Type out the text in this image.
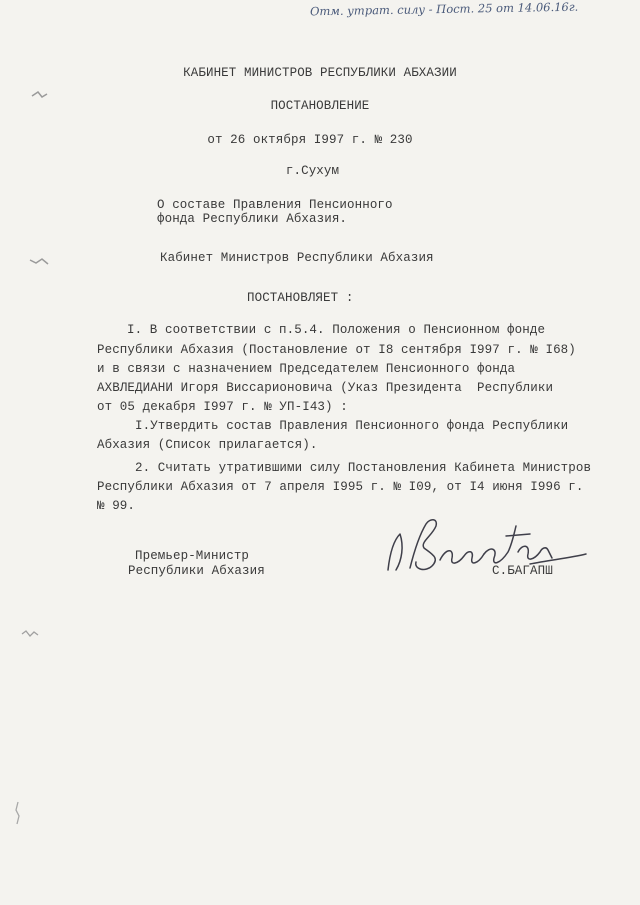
Отм. утрат. силу - Пост. 25 от 14.06.16г.
КАБИНЕТ МИНИСТРОВ РЕСПУБЛИКИ АБХАЗИИ
ПОСТАНОВЛЕНИЕ
от 26 октября I997 г. № 230
г.Сухум
О составе Правления Пенсионного
фонда Республики Абхазия.
Кабинет Министров Республики Абхазия
ПОСТАНОВЛЯЕТ :
I. В соответствии с п.5.4. Положения о Пенсионном фонде
Республики Абхазия (Постановление от I8 сентября I997 г. № I68)
и в связи с назначением Председателем Пенсионного фонда
АХВЛЕДИАНИ Игоря Виссарионовича (Указ Президента  Республики
от 05 декабря I997 г. № УП-I43) :
I.Утвердить состав Правления Пенсионного фонда Республики
Абхазия (Список прилагается).
2. Считать утратившими силу Постановления Кабинета Министров
Республики Абхазия от 7 апреля I995 г. № I09, от I4 июня I996 г.
№ 99.
Премьер-Министр
Республики Абхазия	С.БАГАПШ
